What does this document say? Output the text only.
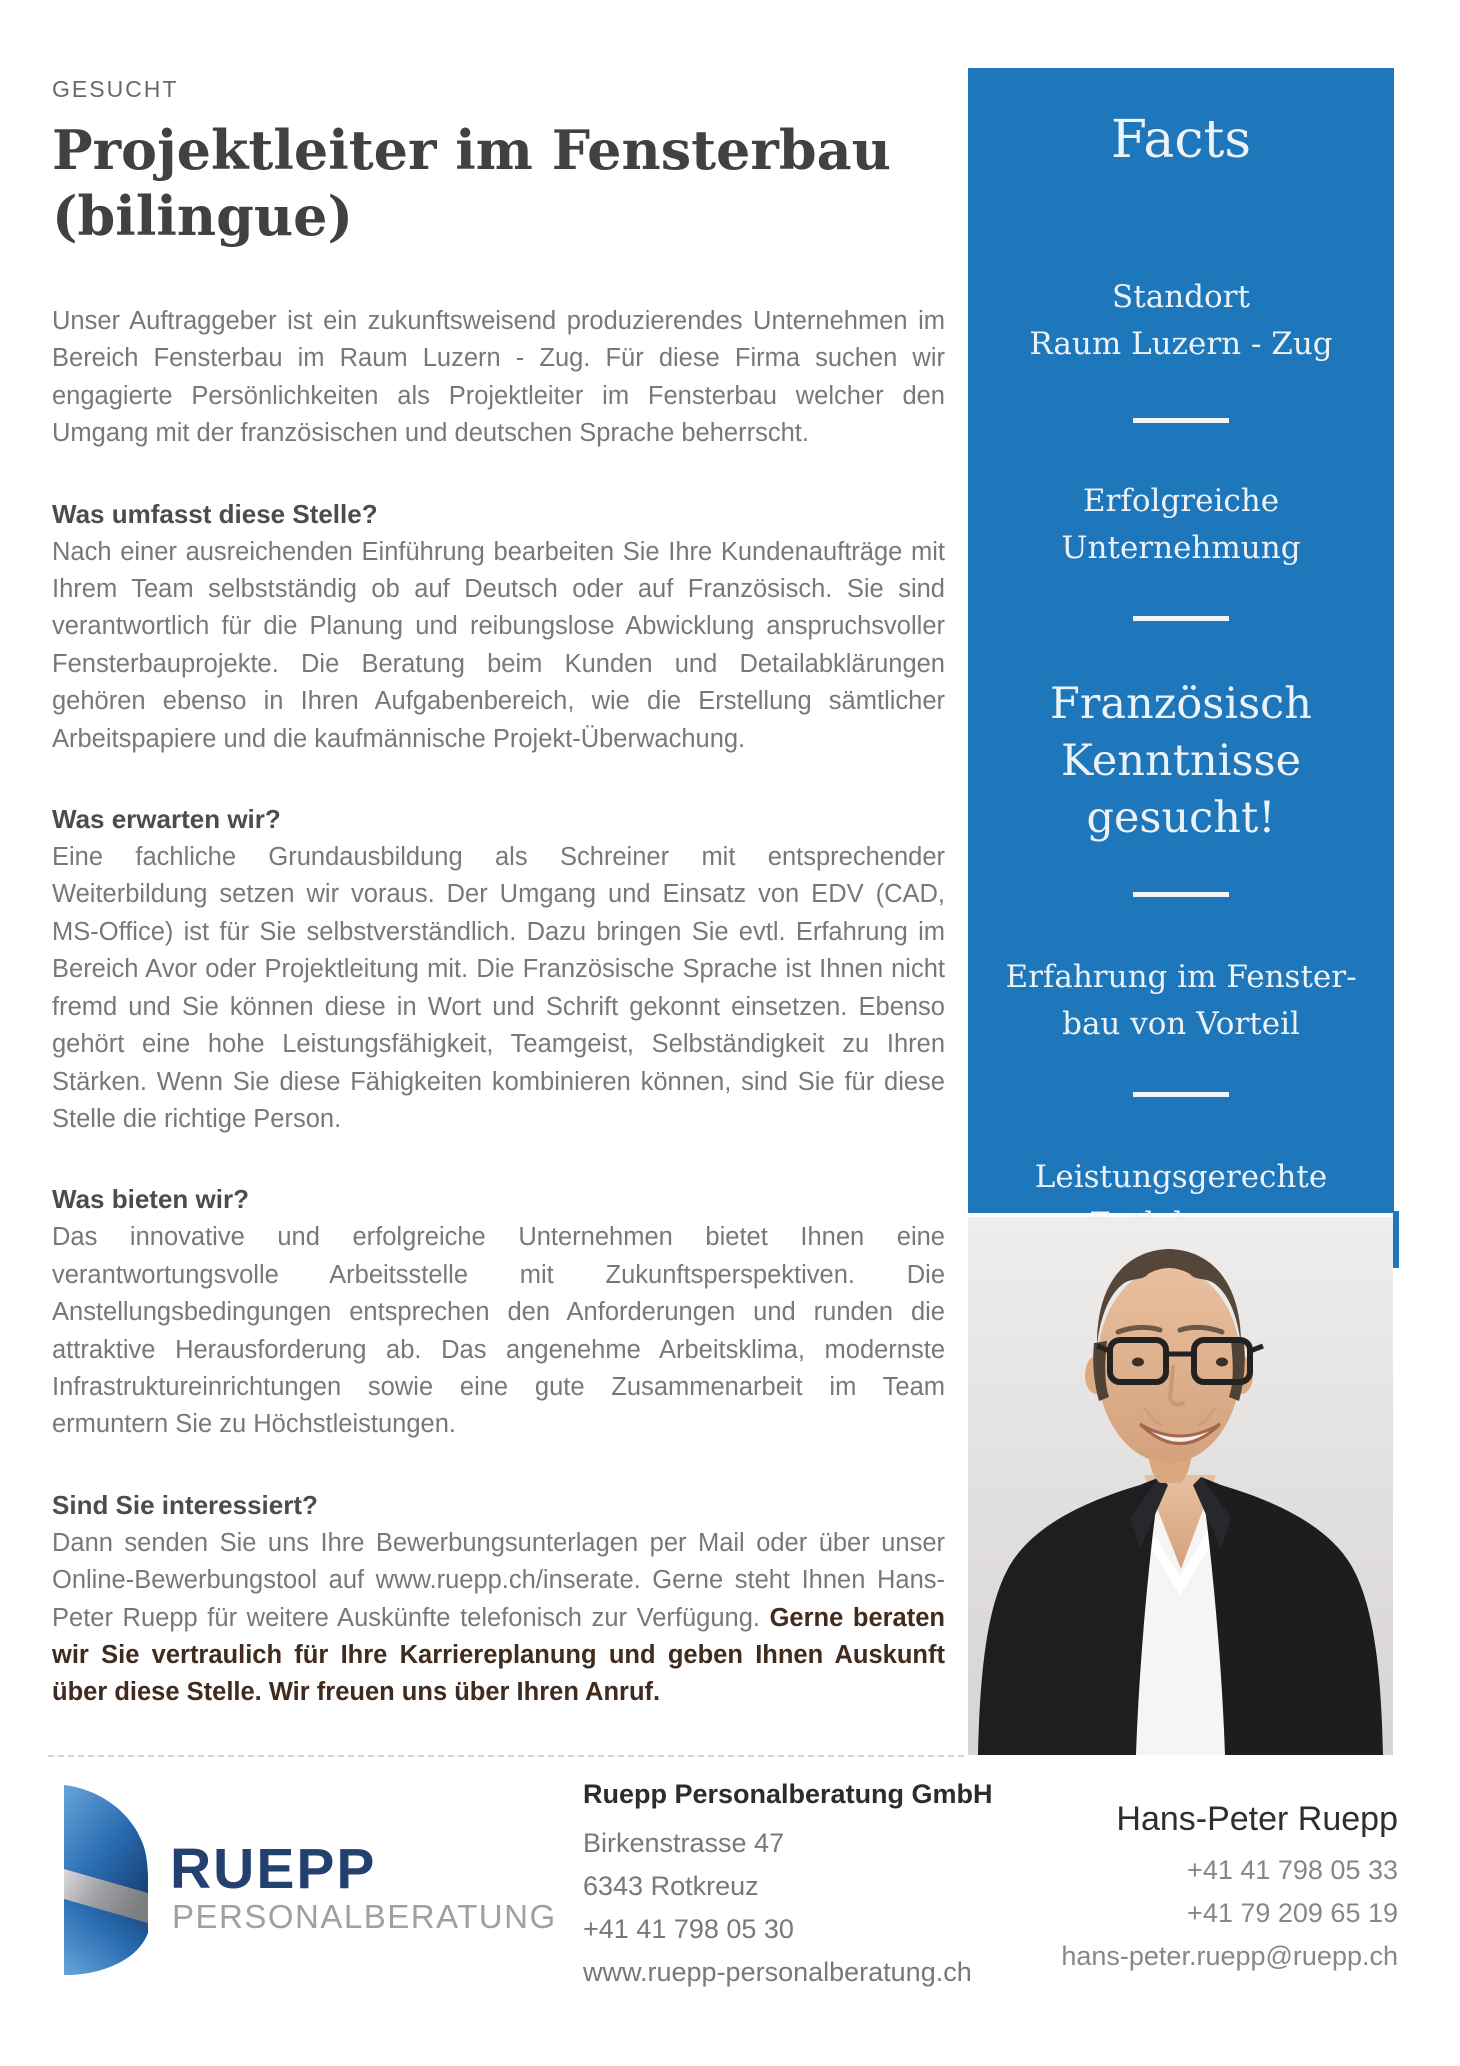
GESUCHT
Projektleiter im Fensterbau
(bilingue)

Unser Auftraggeber ist ein zukunftsweisend produzierendes Unternehmen im Bereich Fensterbau im Raum Luzern - Zug. Für diese Firma suchen wir engagierte Persönlichkeiten als Projektleiter im Fensterbau welcher den Umgang mit der französischen und deutschen Sprache beherrscht.

Was umfasst diese Stelle?

Nach einer ausreichenden Einführung bearbeiten Sie Ihre Kundenaufträge mit Ihrem Team selbstständig ob auf Deutsch oder auf Französisch. Sie sind verantwortlich für die Planung und reibungslose Abwicklung anspruchsvoller Fensterbauprojekte. Die Beratung beim Kunden und Detailabklärungen gehören ebenso in Ihren Aufgabenbereich, wie die Erstellung sämtlicher Arbeitspapiere und die kaufmännische Projekt-Überwachung.

Was erwarten wir?

Eine fachliche Grundausbildung als Schreiner mit entsprechender Weiterbildung setzen wir voraus. Der Umgang und Einsatz von EDV (CAD, MS-Office) ist für Sie selbstverständlich. Dazu bringen Sie evtl. Erfahrung im Bereich Avor oder Projektleitung mit. Die Französische Sprache ist Ihnen nicht fremd und Sie können diese in Wort und Schrift gekonnt einsetzen. Ebenso gehört eine hohe Leistungsfähigkeit, Teamgeist, Selbständigkeit zu Ihren Stärken. Wenn Sie diese Fähigkeiten kombinieren können, sind Sie für diese Stelle die richtige Person.

Was bieten wir?

Das innovative und erfolgreiche Unternehmen bietet Ihnen eine verantwortungsvolle Arbeitsstelle mit Zukunftsperspektiven. Die Anstellungsbedingungen entsprechen den Anforderungen und runden die attraktive Herausforderung ab. Das angenehme Arbeitsklima, modernste Infrastruktureinrichtungen sowie eine gute Zusammenarbeit im Team ermuntern Sie zu Höchstleistungen.

Sind Sie interessiert?

Dann senden Sie uns Ihre Bewerbungsunterlagen per Mail oder über unser Online-Bewerbungstool auf www.ruepp.ch/inserate. Gerne steht Ihnen Hans-Peter Ruepp für weitere Auskünfte telefonisch zur Verfügung. Gerne beraten wir Sie vertraulich für Ihre Karriereplanung und geben Ihnen Auskunft über diese Stelle. Wir freuen uns über Ihren Anruf.

Facts
Standort
Raum Luzern - Zug
Erfolgreiche
Unternehmung
Französisch
Kenntnisse
gesucht!
Erfahrung im Fenster-
bau von Vorteil
Leistungsgerechte
RUEPP
PERSONALBERATUNG

Ruepp Personalberatung GmbH

Birkenstrasse 47
6343 Rotkreuz
+41 41 798 05 30
www.ruepp-personalberatung.ch

Hans-Peter Ruepp

+41 41 798 05 33
+41 79 209 65 19
hans-peter.ruepp@ruepp.ch
